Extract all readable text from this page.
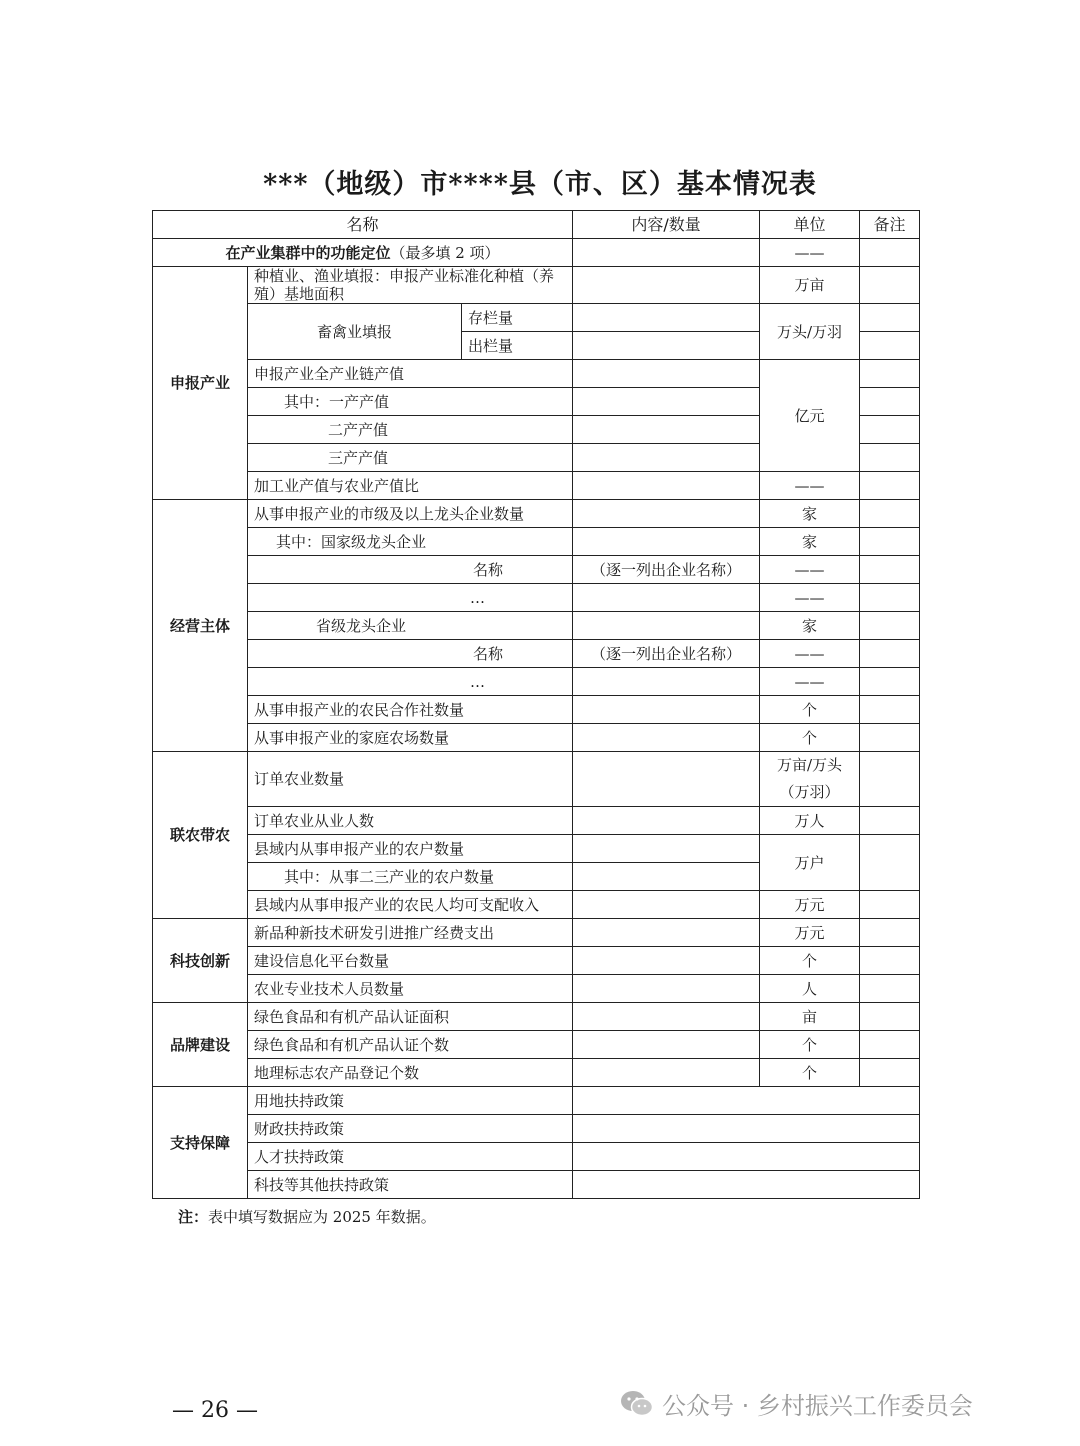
***（地级）市****县（市、区）基本情况表
名称			内容/数量	单位	备注
在产业集群中的功能定位（最多填 2 项）				——	
申报产业	种植业、渔业填报：申报产业标准化种植（养殖）基地面积			万亩	
	畜禽业填报	存栏量		万头/万羽	
		出栏量			
	申报产业全产业链产值			亿元	
	其中：一产产值				
	二产产值				
	三产产值				
	加工业产值与农业产值比			——	
经营主体	从事申报产业的市级及以上龙头企业数量			家	
	其中：国家级龙头企业			家	
	名称		（逐一列出企业名称）	——	
	…			——	
	省级龙头企业			家	
	名称		（逐一列出企业名称）	——	
	…			——	
	从事申报产业的农民合作社数量			个	
	从事申报产业的家庭农场数量			个	
联农带农	订单农业数量			万亩/万头（万羽）	
	订单农业从业人数			万人	
	县域内从事申报产业的农户数量			万户	
	其中：从事二三产业的农户数量				
	县域内从事申报产业的农民人均可支配收入			万元	
科技创新	新品种新技术研发引进推广经费支出			万元	
	建设信息化平台数量			个	
	农业专业技术人员数量			人	
品牌建设	绿色食品和有机产品认证面积			亩	
	绿色食品和有机产品认证个数			个	
	地理标志农产品登记个数			个	
支持保障	用地扶持政策				
	财政扶持政策				
	人才扶持政策				
	科技等其他扶持政策				
注：表中填写数据应为 2025 年数据。
— 26 —	公众号 · 乡村振兴工作委员会
